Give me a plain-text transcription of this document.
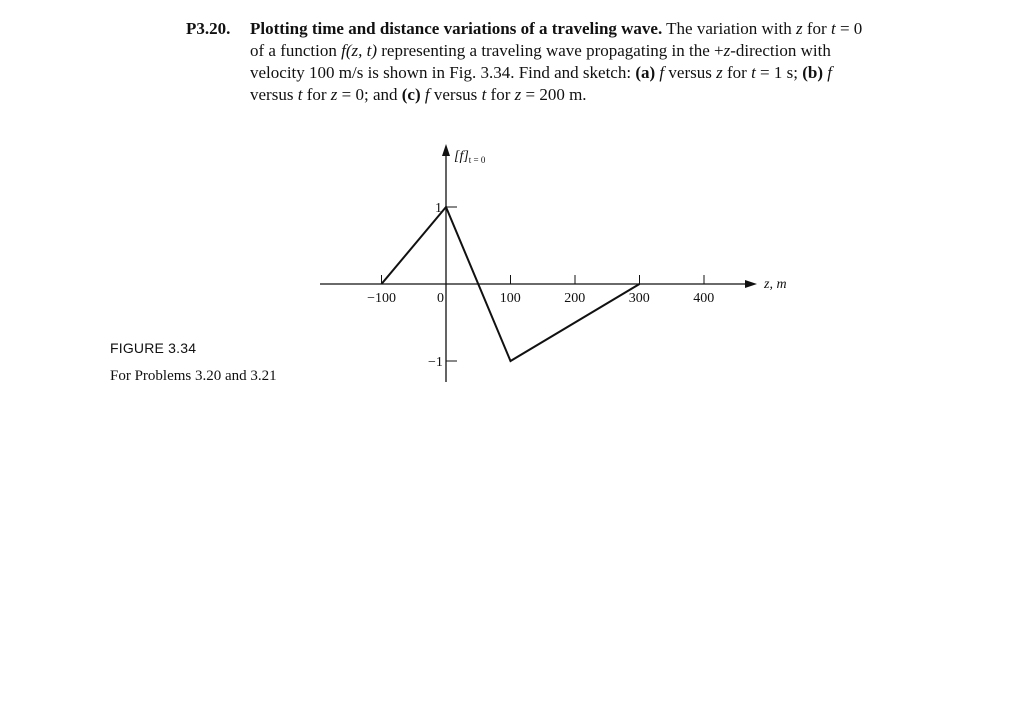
P3.20. Plotting time and distance variations of a traveling wave. The variation with z for t = 0 of a function f(z, t) representing a traveling wave propagating in the +z-direction with velocity 100 m/s is shown in Fig. 3.34. Find and sketch: (a) f versus z for t = 1 s; (b) f versus t for z = 0; and (c) f versus t for z = 200 m.
$[f]_{t = 0}$
z, m
−100	0	100	200	300	400
1
−1
FIGURE 3.34
For Problems 3.20 and 3.21
